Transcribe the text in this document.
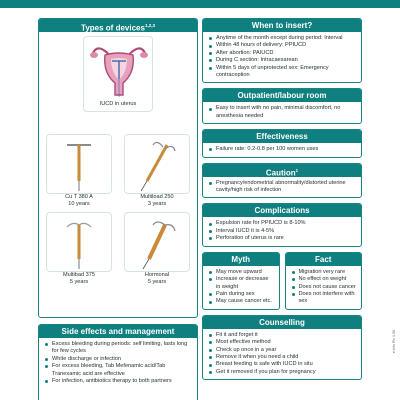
Types of devices$^{1,2,3}$
IUCD in uterus
Cu T 380 A
10 years
Multiload 250
3 years
Multibad 375
5 years
Hormonal
5 years
Side effects and management
Excess bleeding during periods: self limiting, lasts long for few cycles
White discharge or infection
For excess bleeding, Tab Mefenamic acid/Tab Tranexamic acid are effective
For infection, antibiotics therapy to both partners
When to insert?
Anytime of the month except during period: Interval
Within 48 hours of delivery: PPIUCD
After abortion: PAIUCD
During C section: Intracaesarean
Within 5 days of unprotected sex: Emergency contraception
Outpatient/labour room
Easy to insert with no pain, minimal discomfort, no anesthesia needed
Effectiveness
Failure rate: 0.2-0.8 per 100 women uses
Caution$^1$
Pregnancy/endometrial abnormality/distorted uterine cavity/high risk of infection
Complications
Expulsion rate for PPIUCD is 8-10%
Interval IUCD it is 4-5%
Perforation of uterus is rare
Myth
May move upward
Increase or decrease in weight
Pain during sex
May cause cancer etc.
Fact
Migration very rare
No effect on weight
Does not cause cancer
Does not interfere with sex
Counselling
Fit it and forget it
Most effective method
Check up once in a year
Remove it when you need a child
Breast feeding is safe with IUCD in situ
Get it removed if you plan for pregnancy
e-Info Pic 1.56
